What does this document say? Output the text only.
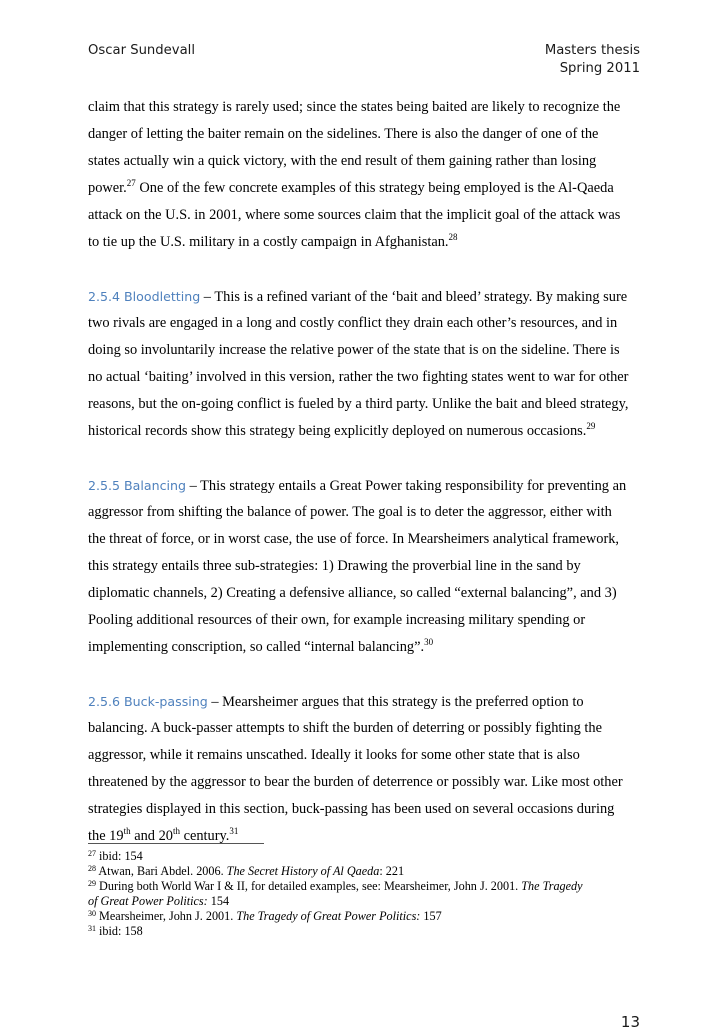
Oscar Sundevall	Masters thesis
Spring 2011
claim that this strategy is rarely used; since the states being baited are likely to recognize the
danger of letting the baiter remain on the sidelines. There is also the danger of one of the
states actually win a quick victory, with the end result of them gaining rather than losing
power.$^{27}$ One of the few concrete examples of this strategy being employed is the Al-Qaeda
attack on the U.S. in 2001, where some sources claim that the implicit goal of the attack was
to tie up the U.S. military in a costly campaign in Afghanistan.$^{28}$
2.5.4 Bloodletting – This is a refined variant of the ‘bait and bleed’ strategy. By making sure
two rivals are engaged in a long and costly conflict they drain each other’s resources, and in
doing so involuntarily increase the relative power of the state that is on the sideline. There is
no actual ‘baiting’ involved in this version, rather the two fighting states went to war for other
reasons, but the on-going conflict is fueled by a third party. Unlike the bait and bleed strategy,
historical records show this strategy being explicitly deployed on numerous occasions.$^{29}$
2.5.5 Balancing – This strategy entails a Great Power taking responsibility for preventing an
aggressor from shifting the balance of power. The goal is to deter the aggressor, either with
the threat of force, or in worst case, the use of force. In Mearsheimers analytical framework,
this strategy entails three sub-strategies: 1) Drawing the proverbial line in the sand by
diplomatic channels, 2) Creating a defensive alliance, so called “external balancing”, and 3)
Pooling additional resources of their own, for example increasing military spending or
implementing conscription, so called “internal balancing”.$^{30}$
2.5.6 Buck-passing – Mearsheimer argues that this strategy is the preferred option to
balancing. A buck-passer attempts to shift the burden of deterring or possibly fighting the
aggressor, while it remains unscathed. Ideally it looks for some other state that is also
threatened by the aggressor to bear the burden of deterrence or possibly war. Like most other
strategies displayed in this section, buck-passing has been used on several occasions during
the 19th and 20th century.$^{31}$
$^{27}$ ibid: 154
$^{28}$ Atwan, Bari Abdel. 2006. The Secret History of Al Qaeda: 221
$^{29}$ During both World War I & II, for detailed examples, see: Mearsheimer, John J. 2001. The Tragedy
of Great Power Politics: 154
$^{30}$ Mearsheimer, John J. 2001. The Tragedy of Great Power Politics: 157
$^{31}$ ibid: 158
13
